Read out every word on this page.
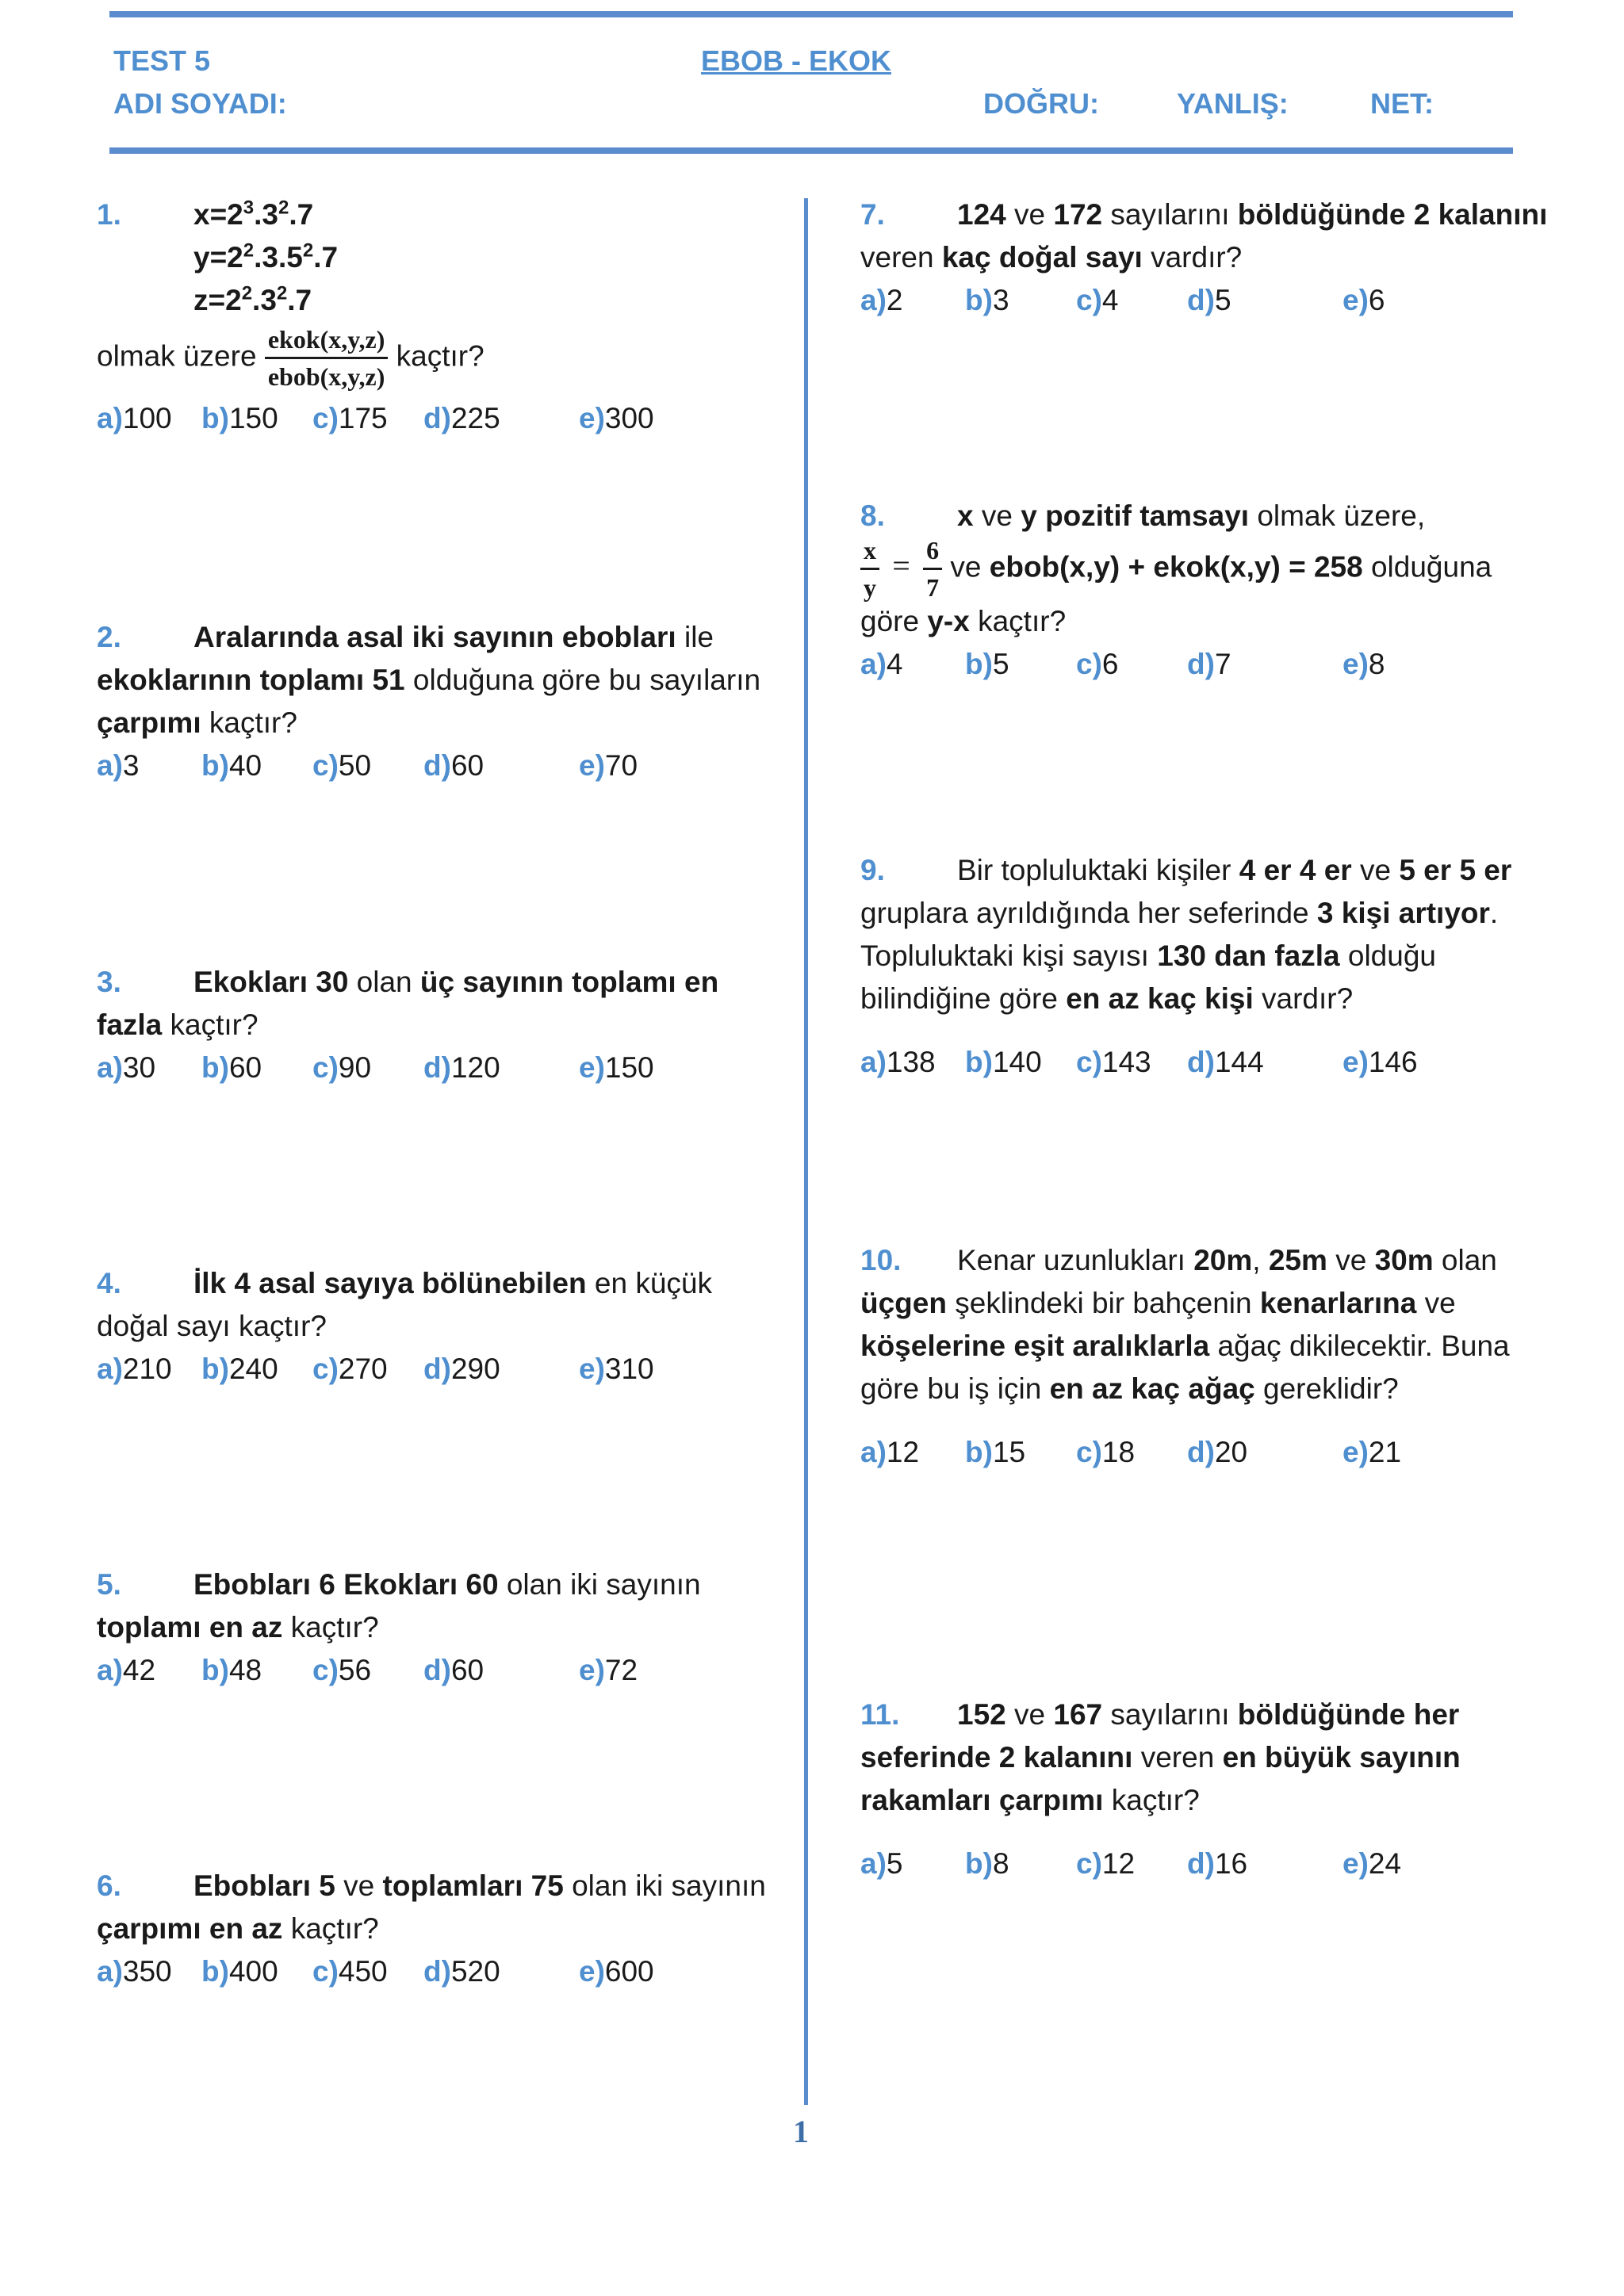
TEST 5	EBOB - EKOK
ADI SOYADI:	DOĞRU:	YANLIŞ:	NET:
1. $x=2^3.3^2.7$
$y=2^2.3.5^2.7$
$z=2^2.3^2.7$
olmak üzere $\frac{\text{ekok(x,y,z)}}{\text{ebob(x,y,z)}}$ kaçtır?
a)100 b)150 c)175 d)225	e)300
2. Aralarında asal iki sayının ebobları ile
ekoklarının toplamı 51 olduğuna göre bu sayıların
çarpımı kaçtır?
a)3 b)40 c)50 d)60	e)70
3. Ekokları 30 olan üç sayının toplamı en
fazla kaçtır?
a)30 b)60 c)90 d)120	e)150
4. İlk 4 asal sayıya bölünebilen en küçük
doğal sayı kaçtır?
a)210 b)240 c)270 d)290	e)310
5. Ebobları 6 Ekokları 60 olan iki sayının
toplamı en az kaçtır?
a)42 b)48 c)56 d)60	e)72
6. Ebobları 5 ve toplamları 75 olan iki sayının
çarpımı en az kaçtır?
a)350 b)400 c)450 d)520	e)600
7. 124 ve 172 sayılarını böldüğünde 2 kalanını
veren kaç doğal sayı vardır?
a)2 b)3 c)4 d)5	e)6
8. x ve y pozitif tamsayı olmak üzere,
$\frac{x}{y} = \frac{6}{7}$ ve ebob(x,y) + ekok(x,y) = 258 olduğuna
göre y-x kaçtır?
a)4 b)5 c)6 d)7	e)8
9. Bir topluluktaki kişiler 4 er 4 er ve 5 er 5 er
gruplara ayrıldığında her seferinde 3 kişi artıyor.
Topluluktaki kişi sayısı 130 dan fazla olduğu
bilindiğine göre en az kaç kişi vardır?
a)138 b)140 c)143 d)144	e)146
10. Kenar uzunlukları 20m, 25m ve 30m olan
üçgen şeklindeki bir bahçenin kenarlarına ve
köşelerine eşit aralıklarla ağaç dikilecektir. Buna
göre bu iş için en az kaç ağaç gereklidir?
a)12 b)15 c)18 d)20	e)21
11. 152 ve 167 sayılarını böldüğünde her
seferinde 2 kalanını veren en büyük sayının
rakamları çarpımı kaçtır?
a)5 b)8 c)12 d)16	e)24
1
